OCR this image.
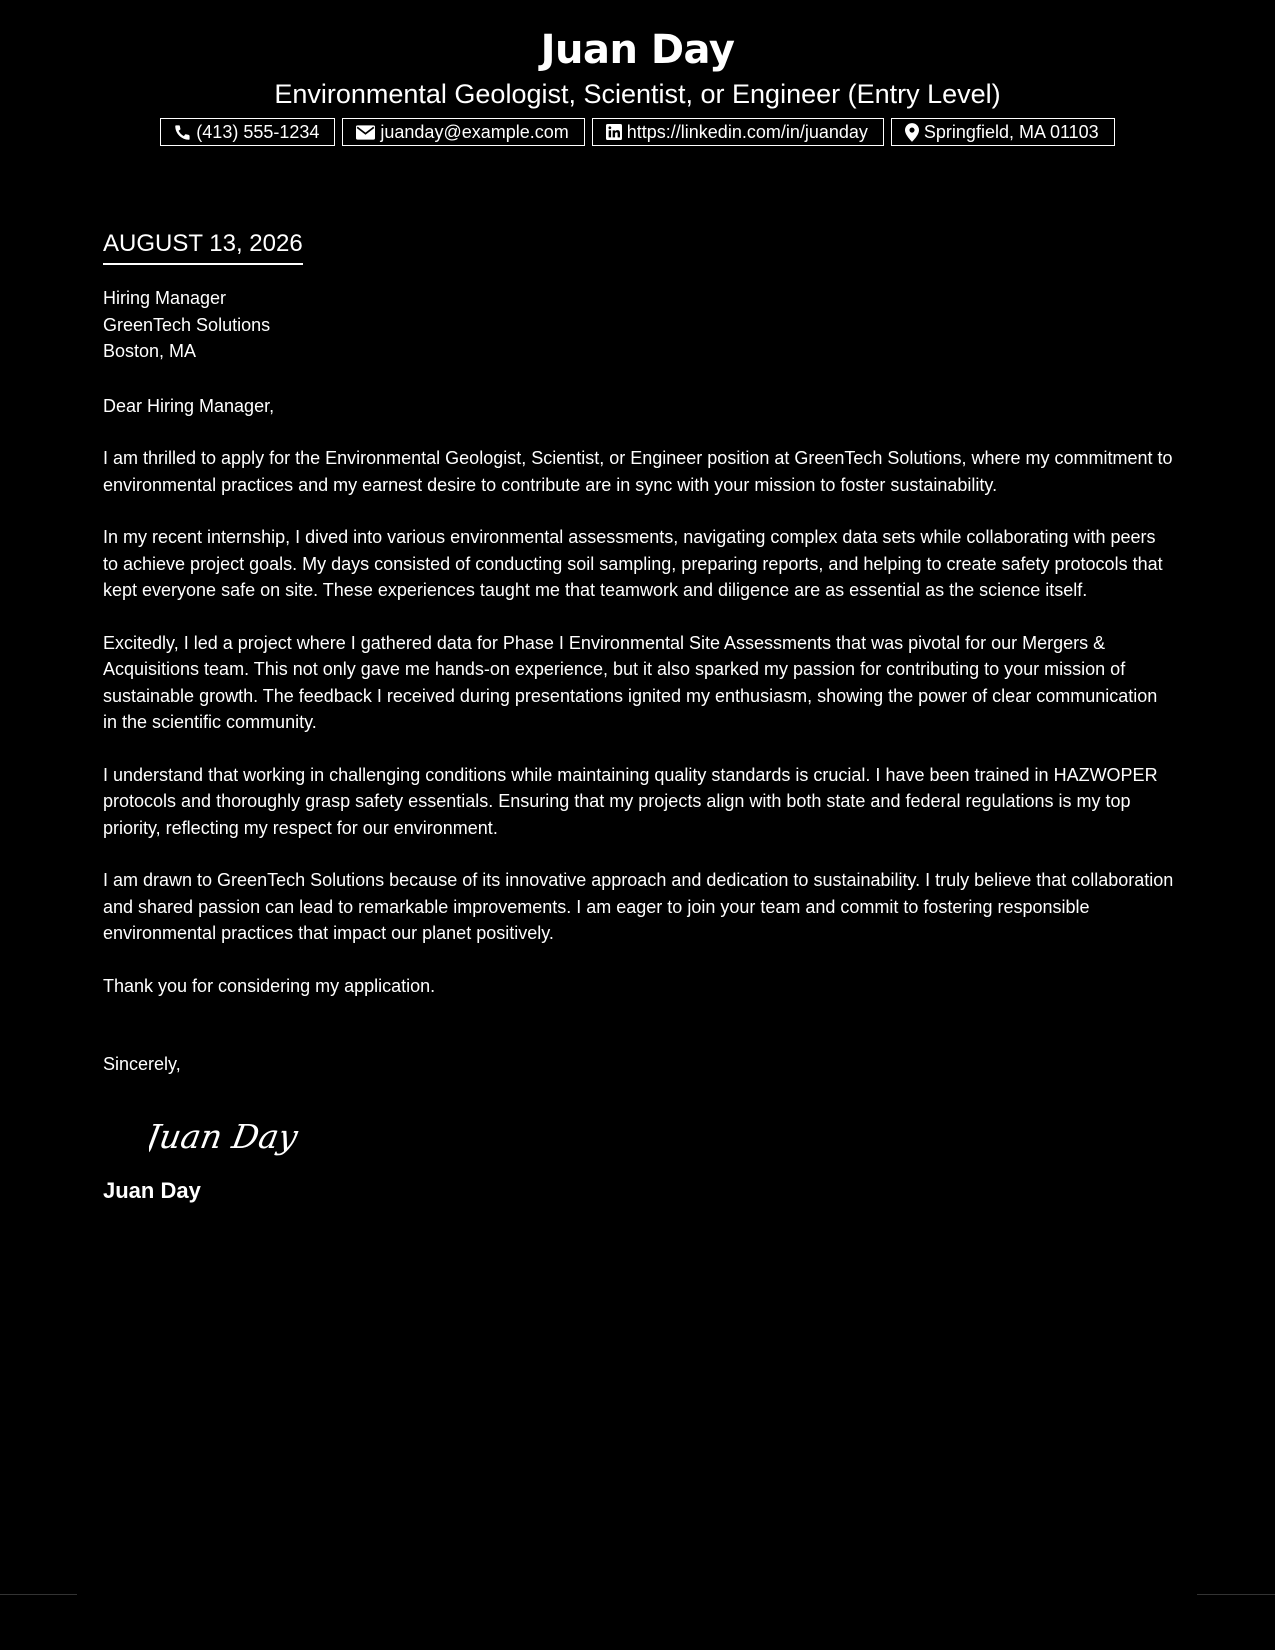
Juan Day
Environmental Geologist, Scientist, or Engineer (Entry Level)
(413) 555-1234	juanday@example.com	https://linkedin.com/in/juanday	Springfield, MA 01103
AUGUST 13, 2026
Hiring Manager
GreenTech Solutions
Boston, MA
Dear Hiring Manager,

I am thrilled to apply for the Environmental Geologist, Scientist, or Engineer position at GreenTech Solutions, where my commitment to environmental practices and my earnest desire to contribute are in sync with your mission to foster sustainability.

In my recent internship, I dived into various environmental assessments, navigating complex data sets while collaborating with peers to achieve project goals. My days consisted of conducting soil sampling, preparing reports, and helping to create safety protocols that kept everyone safe on site. These experiences taught me that teamwork and diligence are as essential as the science itself.

Excitedly, I led a project where I gathered data for Phase I Environmental Site Assessments that was pivotal for our Mergers & Acquisitions team. This not only gave me hands-on experience, but it also sparked my passion for contributing to your mission of sustainable growth. The feedback I received during presentations ignited my enthusiasm, showing the power of clear communication in the scientific community.

I understand that working in challenging conditions while maintaining quality standards is crucial. I have been trained in HAZWOPER protocols and thoroughly grasp safety essentials. Ensuring that my projects align with both state and federal regulations is my top priority, reflecting my respect for our environment.

I am drawn to GreenTech Solutions because of its innovative approach and dedication to sustainability. I truly believe that collaboration and shared passion can lead to remarkable improvements. I am eager to join your team and commit to fostering responsible environmental practices that impact our planet positively.

Thank you for considering my application.

Sincerely,
Juan Day
Juan Day
